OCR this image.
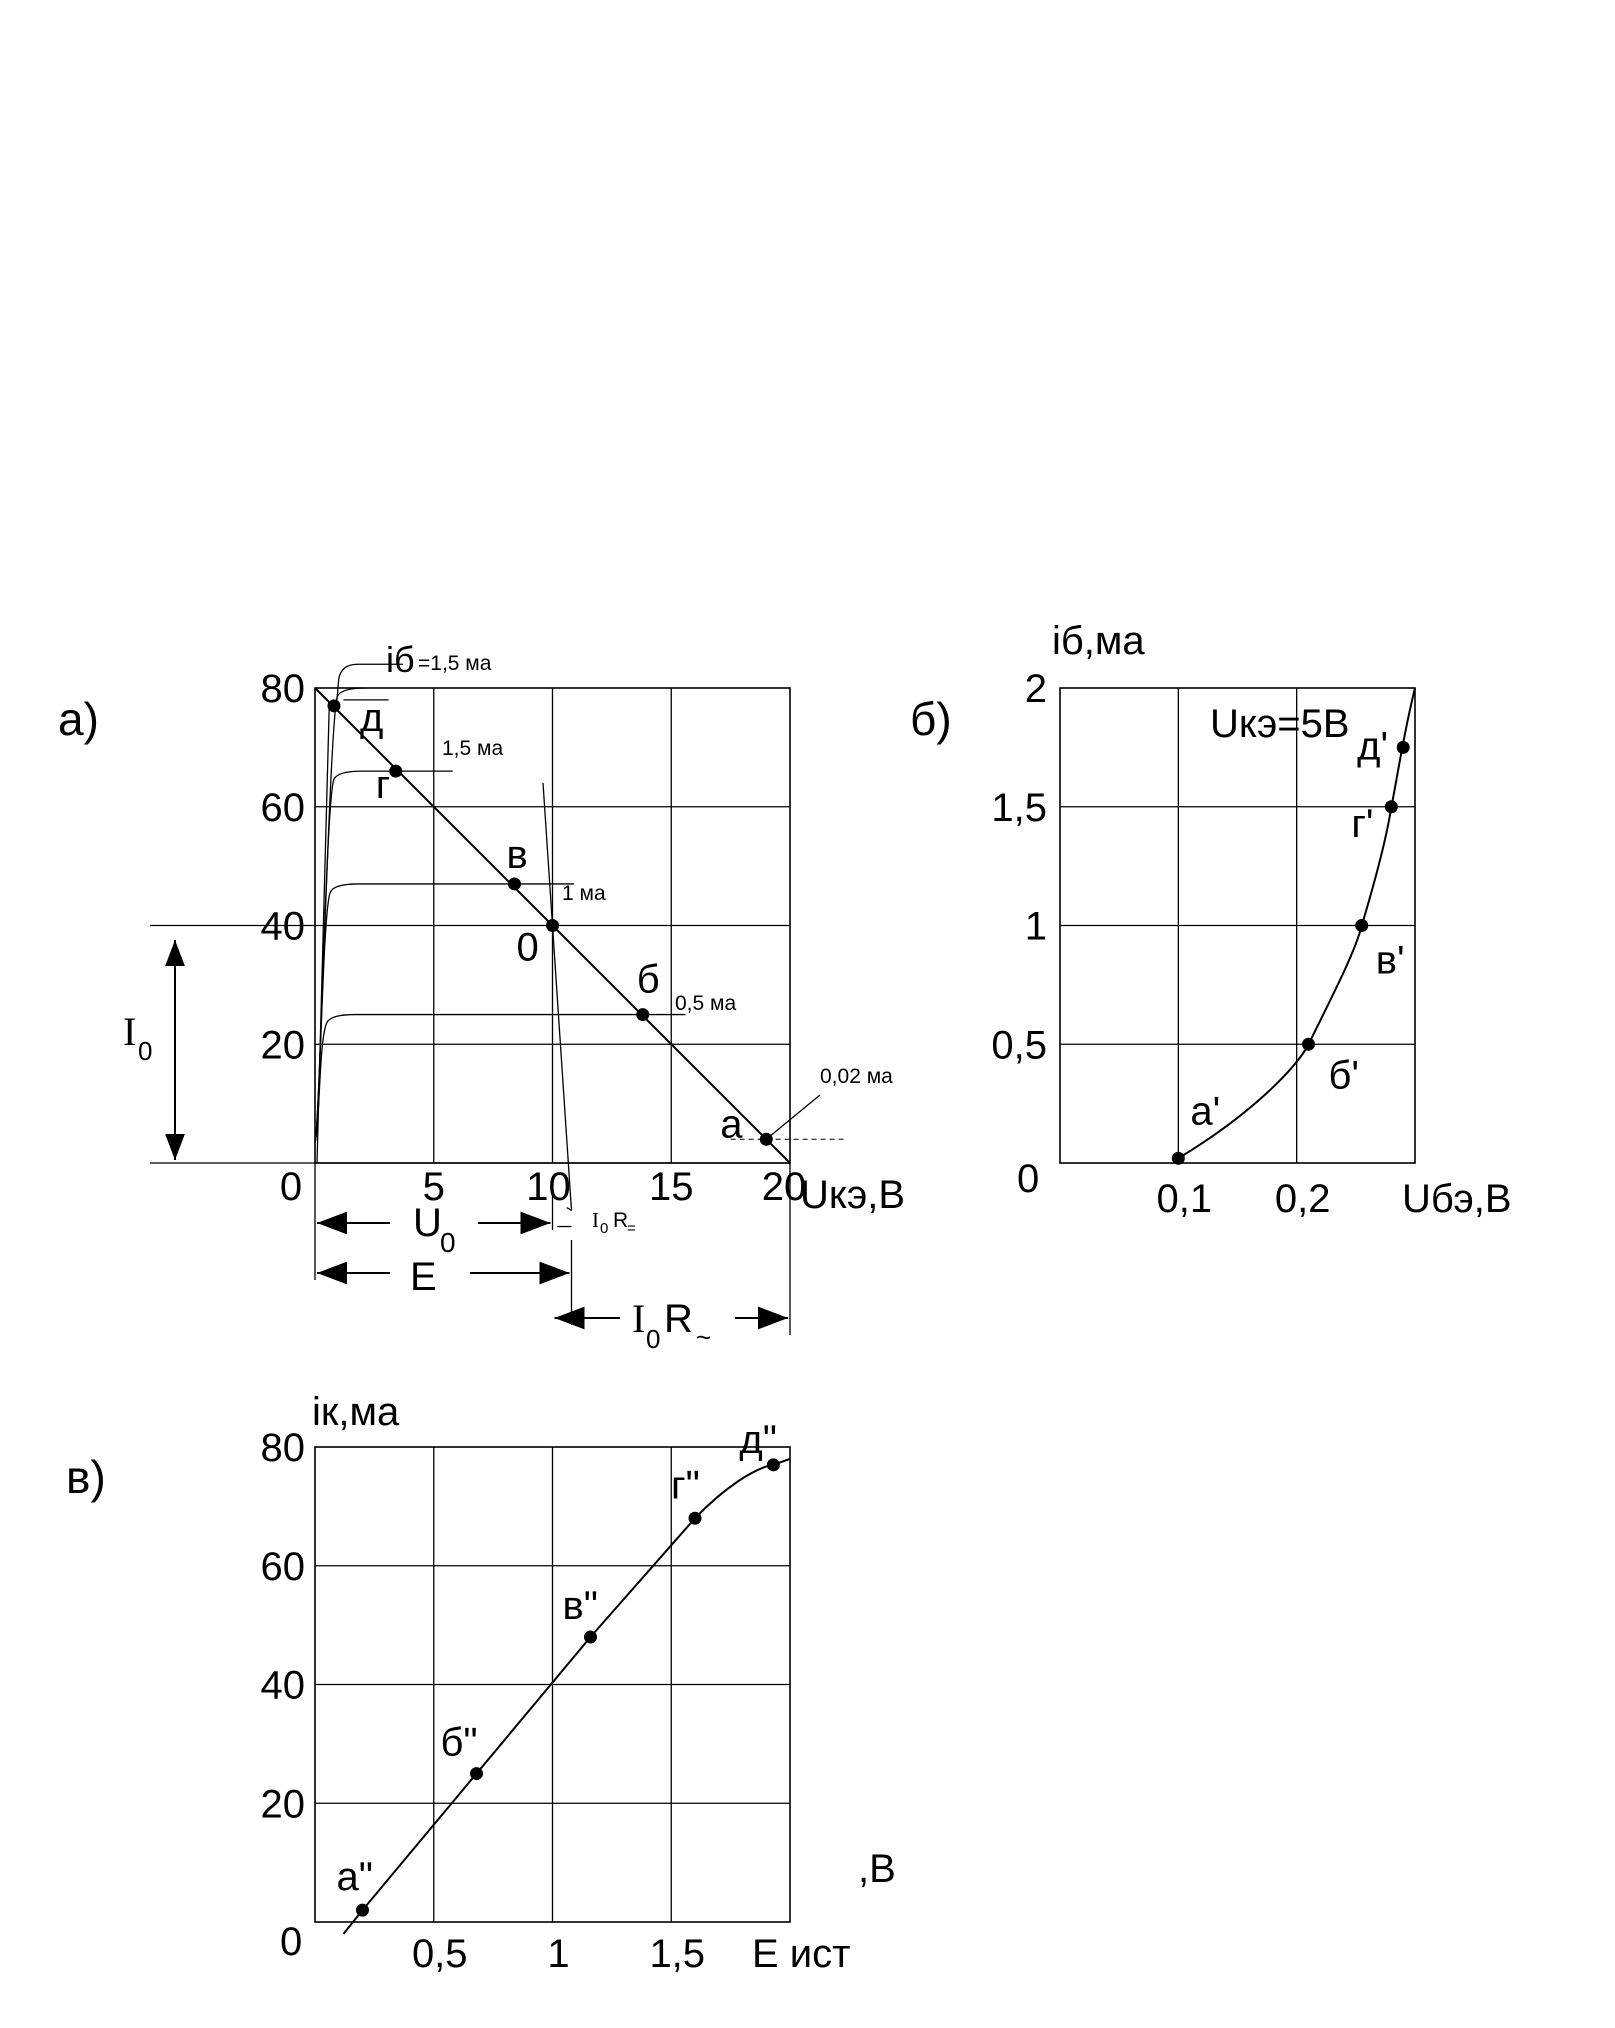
а)
20
40
60
80
0	5 10 15 20
Uкэ,В
0,02 ма
0,5 ма
1 ма
1,5 ма
=1,5 ма
а
б
0
в
г
д
iб
I 0
U
0
E
I 0 R
=
I 0 R ~
б)
iб,ма
Uбэ,В
Uкэ=5В
0
0,5
1
1,5
2
0,1 0,2
а'
б'
в'
г'
д'
в)
iк,ма
Е ист
,В
0
20
40
60
80
0,5 1 1,5
а"
б"
в"
г"
д"
